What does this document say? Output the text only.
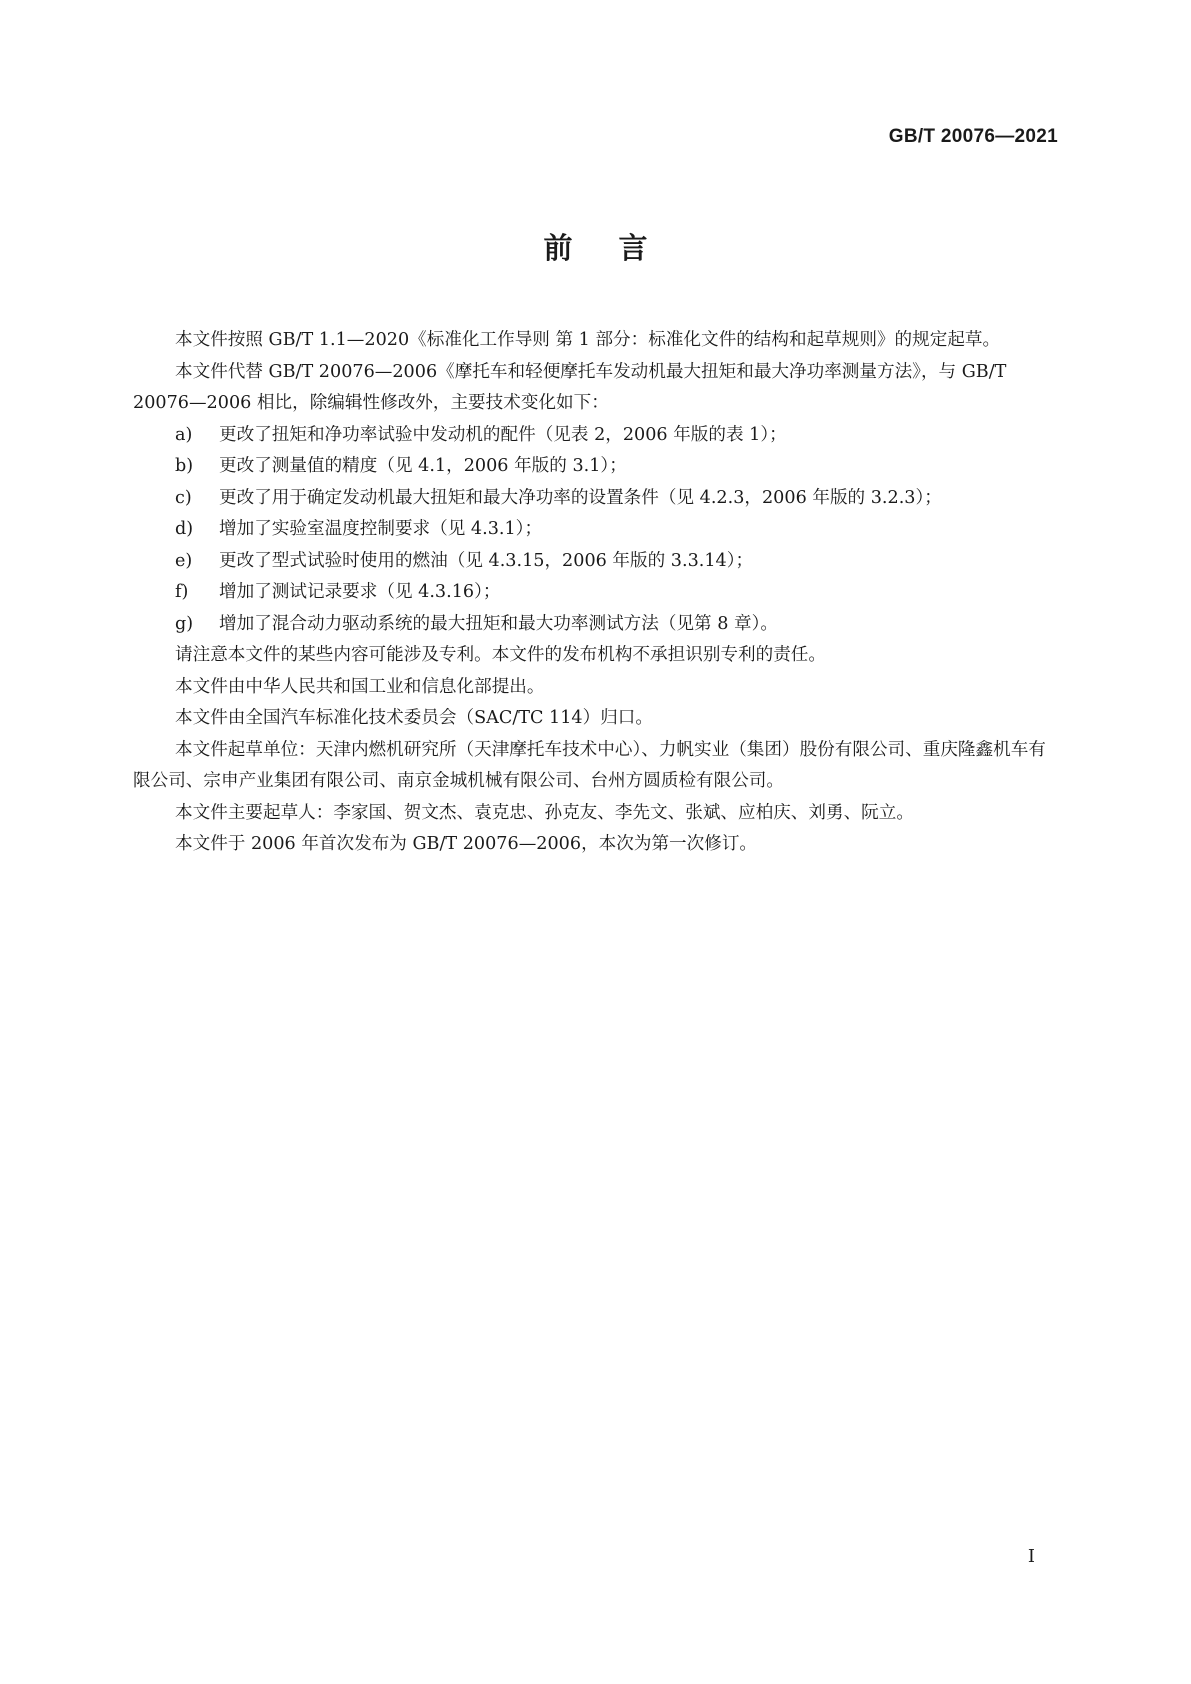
GB/T 20076—2021
前言

本文件按照 GB/T 1.1—2020《标准化工作导则 第 1 部分：标准化文件的结构和起草规则》的规定起草。

本文件代替 GB/T 20076—2006《摩托车和轻便摩托车发动机最大扭矩和最大净功率测量方法》，与 GB/T 20076—2006 相比，除编辑性修改外，主要技术变化如下：

a)	更改了扭矩和净功率试验中发动机的配件（见表 2，2006 年版的表 1）；
b)	更改了测量值的精度（见 4.1，2006 年版的 3.1）；
c)	更改了用于确定发动机最大扭矩和最大净功率的设置条件（见 4.2.3，2006 年版的 3.2.3）；
d)	增加了实验室温度控制要求（见 4.3.1）；
e)	更改了型式试验时使用的燃油（见 4.3.15，2006 年版的 3.3.14）；
f)	增加了测试记录要求（见 4.3.16）；
g)	增加了混合动力驱动系统的最大扭矩和最大功率测试方法（见第 8 章）。

请注意本文件的某些内容可能涉及专利。本文件的发布机构不承担识别专利的责任。

本文件由中华人民共和国工业和信息化部提出。

本文件由全国汽车标准化技术委员会（SAC/TC 114）归口。

本文件起草单位：天津内燃机研究所（天津摩托车技术中心）、力帆实业（集团）股份有限公司、重庆隆鑫机车有限公司、宗申产业集团有限公司、南京金城机械有限公司、台州方圆质检有限公司。

本文件主要起草人：李家国、贺文杰、袁克忠、孙克友、李先文、张斌、应柏庆、刘勇、阮立。

本文件于 2006 年首次发布为 GB/T 20076—2006，本次为第一次修订。

I
